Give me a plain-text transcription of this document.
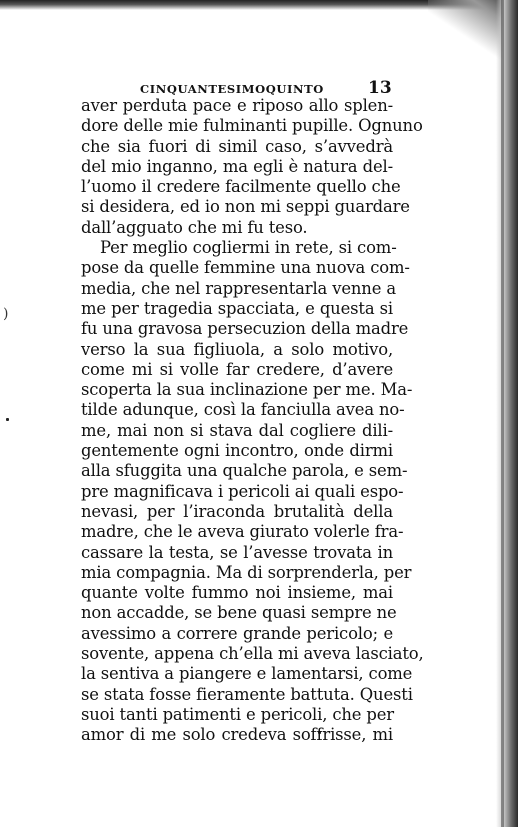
CINQUANTESIMOQUINTO	13
)
aver perduta pace e riposo allo splen-
dore delle mie fulminanti pupille. Ognuno
che sia fuori di simil caso, s’avvedrà
del mio inganno, ma egli è natura del-
l’uomo il credere facilmente quello che
si desidera, ed io non mi seppi guardare
dall’agguato che mi fu teso.
Per meglio cogliermi in rete, si com-
pose da quelle femmine una nuova com-
media, che nel rappresentarla venne a
me per tragedia spacciata, e questa si
fu una gravosa persecuzion della madre
verso la sua figliuola, a solo motivo,
come mi si volle far credere, d’avere
scoperta la sua inclinazione per me. Ma-
tilde adunque, così la fanciulla avea no-
me, mai non si stava dal cogliere dili-
gentemente ogni incontro, onde dirmi
alla sfuggita una qualche parola, e sem-
pre magnificava i pericoli ai quali espo-
nevasi, per l’iraconda brutalità della
madre, che le aveva giurato volerle fra-
cassare la testa, se l’avesse trovata in
mia compagnia. Ma di sorprenderla, per
quante volte fummo noi insieme, mai
non accadde, se bene quasi sempre ne
avessimo a correre grande pericolo; e
sovente, appena ch’ella mi aveva lasciato,
la sentiva a piangere e lamentarsi, come
se stata fosse fieramente battuta. Questi
suoi tanti patimenti e pericoli, che per
amor di me solo credeva soffrisse, mi
